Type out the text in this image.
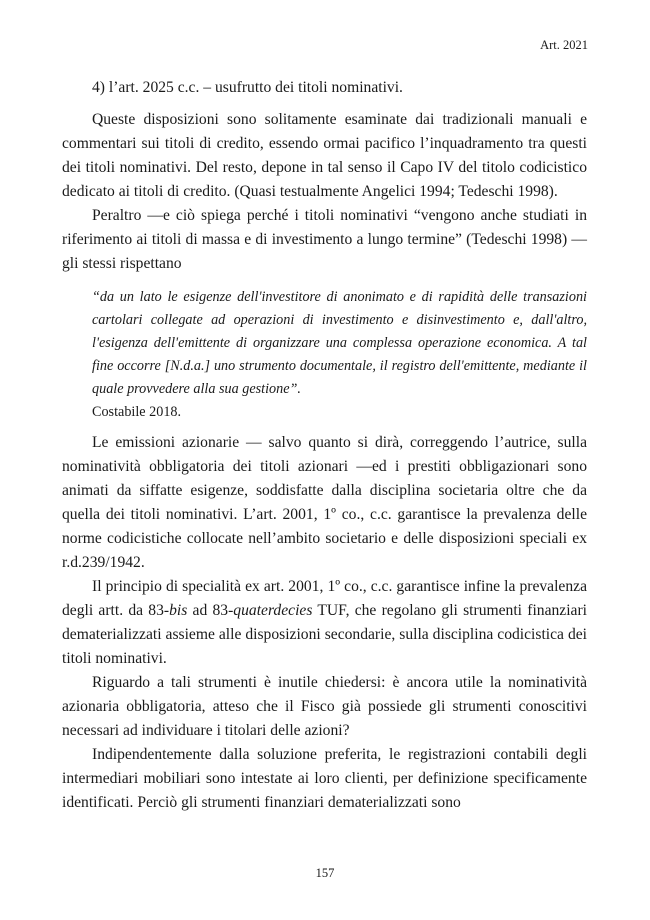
Art. 2021

4) l’art. 2025 c.c. – usufrutto dei titoli nominativi.

Queste disposizioni sono solitamente esaminate dai tradizionali manuali e commentari sui titoli di credito, essendo ormai pacifico l’inquadramento tra questi dei titoli nominativi. Del resto, depone in tal senso il Capo IV del titolo codicistico dedicato ai titoli di credito. (Quasi testualmente Angelici 1994; Tedeschi 1998).

Peraltro —e ciò spiega perché i titoli nominativi “vengono anche studiati in riferimento ai titoli di massa e di investimento a lungo termine” (Tedeschi 1998) — gli stessi rispettano

“da un lato le esigenze dell'investitore di anonimato e di rapidità delle transazioni cartolari collegate ad operazioni di investimento e disinvestimento e, dall'altro, l'esigenza dell'emittente di organizzare una complessa operazione economica. A tal fine occorre [N.d.a.] uno strumento documentale, il registro dell'emittente, mediante il quale provvedere alla sua gestione”.
Costabile 2018.

Le emissioni azionarie — salvo quanto si dirà, correggendo l’autrice, sulla nominatività obbligatoria dei titoli azionari —ed i prestiti obbligazionari sono animati da siffatte esigenze, soddisfatte dalla disciplina societaria oltre che da quella dei titoli nominativi. L’art. 2001, 1º co., c.c. garantisce la prevalenza delle norme codicistiche collocate nell’ambito societario e delle disposizioni speciali ex r.d.239/1942.

Il principio di specialità ex art. 2001, 1º co., c.c. garantisce infine la prevalenza degli artt. da 83-bis ad 83-quaterdecies TUF, che regolano gli strumenti finanziari dematerializzati assieme alle disposizioni secondarie, sulla disciplina codicistica dei titoli nominativi.

Riguardo a tali strumenti è inutile chiedersi: è ancora utile la nominatività azionaria obbligatoria, atteso che il Fisco già possiede gli strumenti conoscitivi necessari ad individuare i titolari delle azioni?

Indipendentemente dalla soluzione preferita, le registrazioni contabili degli intermediari mobiliari sono intestate ai loro clienti, per definizione specificamente identificati. Perciò gli strumenti finanziari dematerializzati sono

157
